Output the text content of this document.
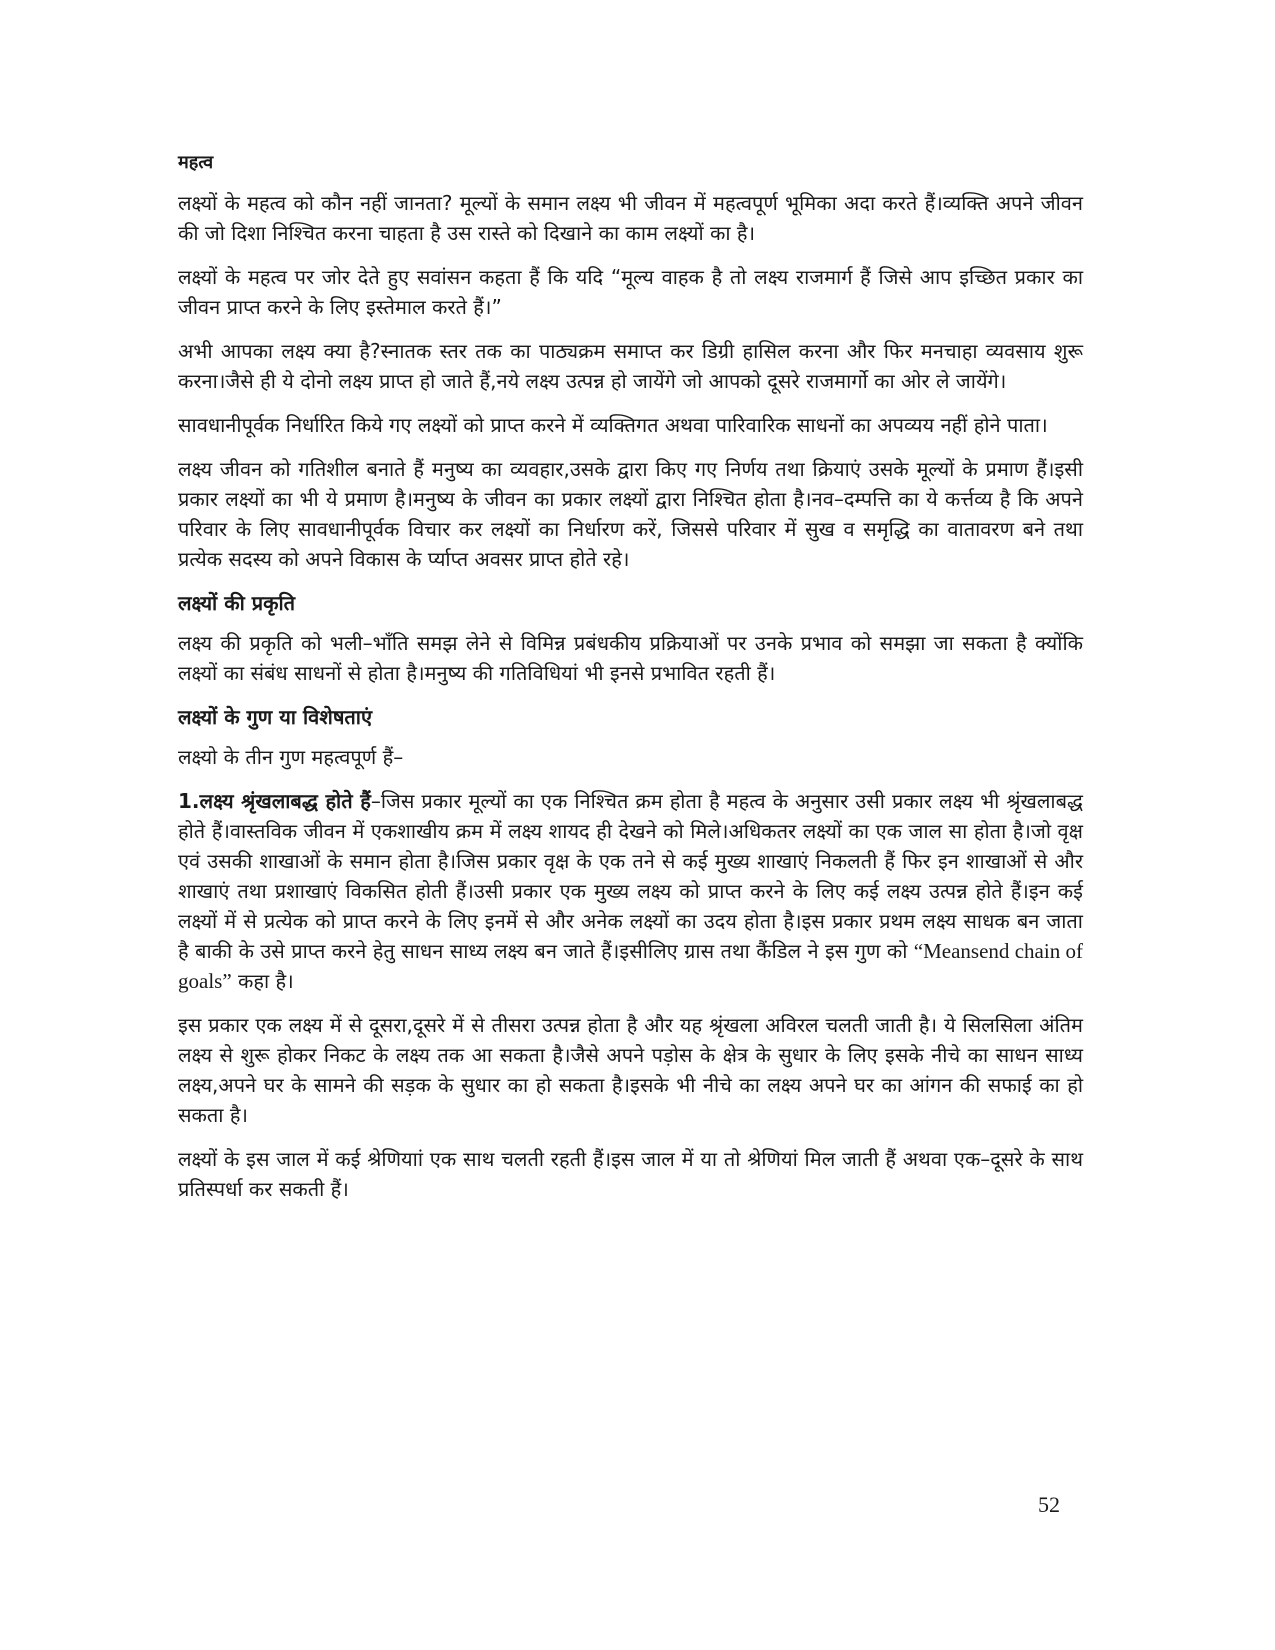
महत्व

लक्ष्यों के महत्व को कौन नहीं जानता? मूल्यों के समान लक्ष्य भी जीवन में महत्वपूर्ण भूमिका अदा करते हैं।व्यक्ति अपने जीवन की जो दिशा निश्चित करना चाहता है उस रास्ते को दिखाने का काम लक्ष्यों का है।

लक्ष्यों के महत्व पर जोर देते हुए सवांसन कहता हैं कि यदि “मूल्य वाहक है तो लक्ष्य राजमार्ग हैं जिसे आप इच्छित प्रकार का जीवन प्राप्त करने के लिए इस्तेमाल करते हैं।”

अभी आपका लक्ष्य क्या है?स्नातक स्तर तक का पाठ्यक्रम समाप्त कर डिग्री हासिल करना और फिर मनचाहा व्यवसाय शुरू करना।जैसे ही ये दोनो लक्ष्य प्राप्त हो जाते हैं,नये लक्ष्य उत्पन्न हो जायेंगे जो आपको दूसरे राजमार्गो का ओर ले जायेंगे।

सावधानीपूर्वक निर्धारित किये गए लक्ष्यों को प्राप्त करने में व्यक्तिगत अथवा पारिवारिक साधनों का अपव्यय नहीं होने पाता।

लक्ष्य जीवन को गतिशील बनाते हैं मनुष्य का व्यवहार,उसके द्वारा किए गए निर्णय तथा क्रियाएं उसके मूल्यों के प्रमाण हैं।इसी प्रकार लक्ष्यों का भी ये प्रमाण है।मनुष्य के जीवन का प्रकार लक्ष्यों द्वारा निश्चित होता है।नव–दम्पत्ति का ये कर्त्तव्य है कि अपने परिवार के लिए सावधानीपूर्वक विचार कर लक्ष्यों का निर्धारण करें, जिससे परिवार में सुख व समृद्धि का वातावरण बने तथा प्रत्येक सदस्य को अपने विकास के र्प्याप्त अवसर प्राप्त होते रहे।

लक्ष्यों की प्रकृति

लक्ष्य की प्रकृति को भली–भाँति समझ लेने से विमिन्न प्रबंधकीय प्रक्रियाओं पर उनके प्रभाव को समझा जा सकता है क्योंकि लक्ष्यों का संबंध साधनों से होता है।मनुष्य की गतिविधियां भी इनसे प्रभावित रहती हैं।

लक्ष्यों के गुण या विशेषताएं

लक्ष्यो के तीन गुण महत्वपूर्ण हैं–

1.लक्ष्य श्रृंखलाबद्ध होते हैं–जिस प्रकार मूल्यों का एक निश्चित क्रम होता है महत्व के अनुसार उसी प्रकार लक्ष्य भी श्रृंखलाबद्ध होते हैं।वास्तविक जीवन में एकशाखीय क्रम में लक्ष्य शायद ही देखने को मिले।अधिकतर लक्ष्यों का एक जाल सा होता है।जो वृक्ष एवं उसकी शाखाओं के समान होता है।जिस प्रकार वृक्ष के एक तने से कई मुख्य शाखाएं निकलती हैं फिर इन शाखाओं से और शाखाएं तथा प्रशाखाएं विकसित होती हैं।उसी प्रकार एक मुख्य लक्ष्य को प्राप्त करने के लिए कई लक्ष्य उत्पन्न होते हैं।इन कई लक्ष्यों में से प्रत्येक को प्राप्त करने के लिए इनमें से और अनेक लक्ष्यों का उदय होता है।इस प्रकार प्रथम लक्ष्य साधक बन जाता है बाकी के उसे प्राप्त करने हेतु साधन साध्य लक्ष्य बन जाते हैं।इसीलिए ग्रास तथा कैंडिल ने इस गुण को “Meansend chain of goals” कहा है।

इस प्रकार एक लक्ष्य में से दूसरा,दूसरे में से तीसरा उत्पन्न होता है और यह श्रृंखला अविरल चलती जाती है। ये सिलसिला अंतिम लक्ष्य से शुरू होकर निकट के लक्ष्य तक आ सकता है।जैसे अपने पड़ोस के क्षेत्र के सुधार के लिए इसके नीचे का साधन साध्य लक्ष्य,अपने घर के सामने की सड़क के सुधार का हो सकता है।इसके भी नीचे का लक्ष्य अपने घर का आंगन की सफाई का हो सकता है।

लक्ष्यों के इस जाल में कई श्रेणियाां एक साथ चलती रहती हैं।इस जाल में या तो श्रेणियां मिल जाती हैं अथवा एक–दूसरे के साथ प्रतिस्पर्धा कर सकती हैं।

52
